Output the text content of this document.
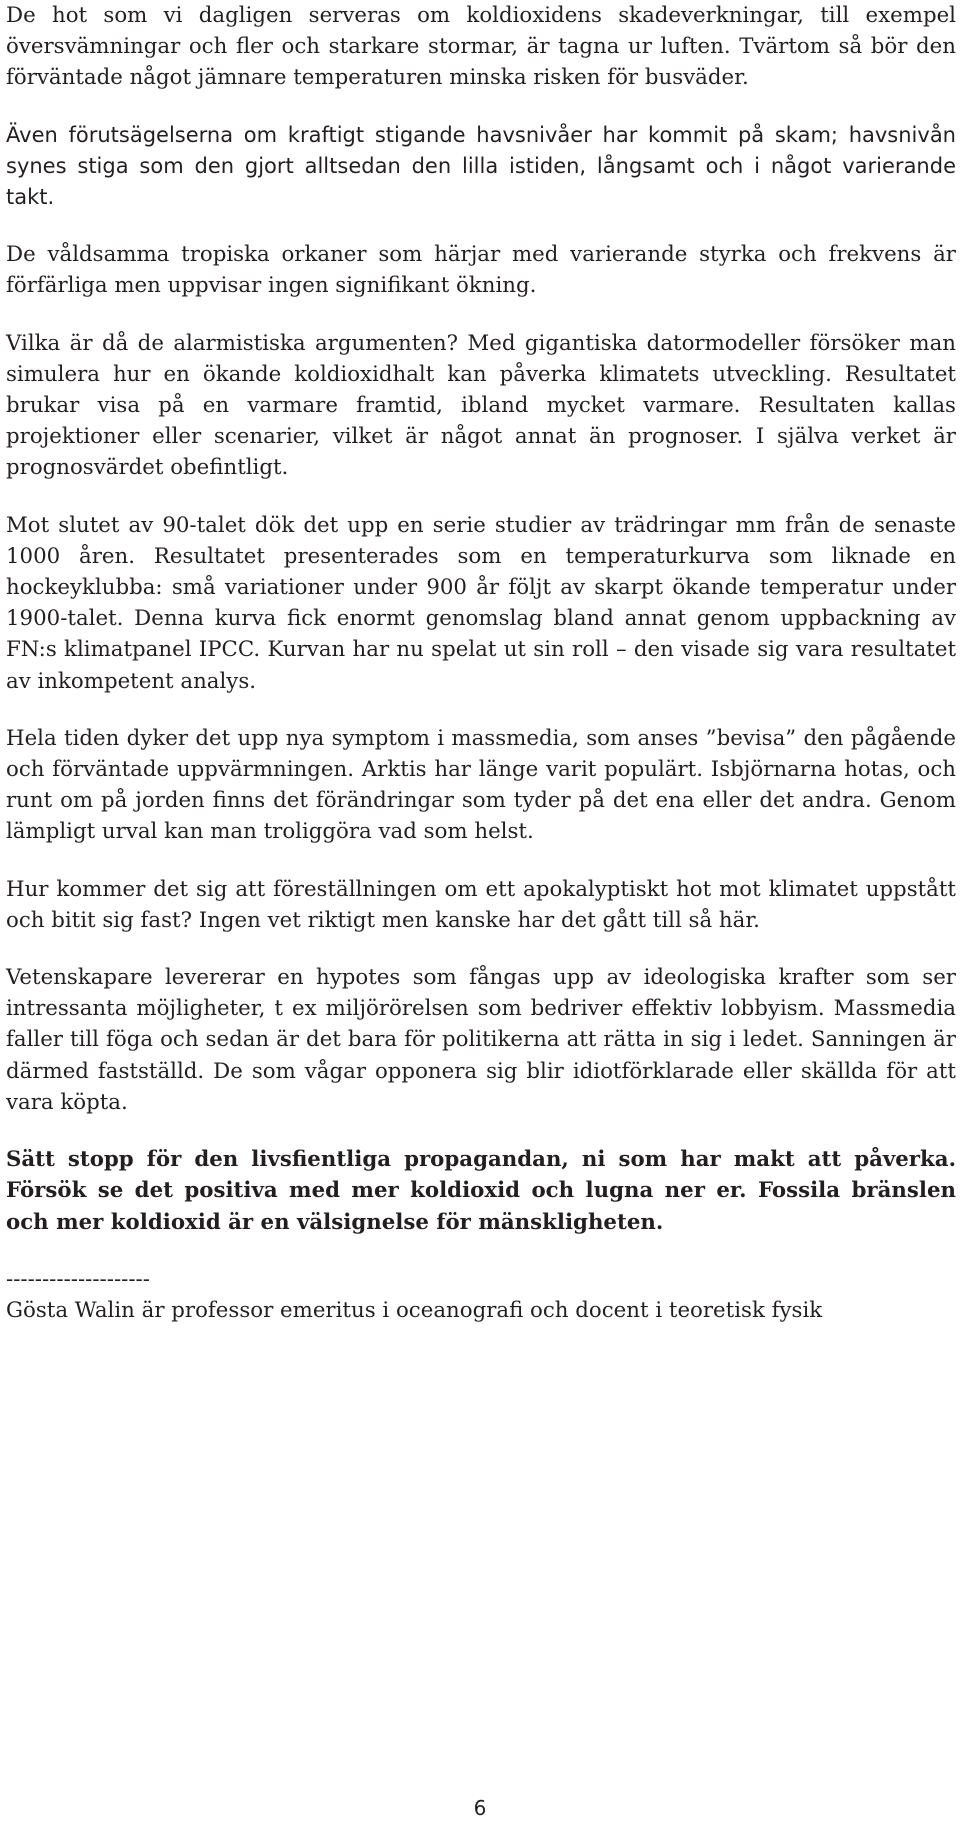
De hot som vi dagligen serveras om koldioxidens skadeverkningar, till exempel översvämningar och fler och starkare stormar, är tagna ur luften. Tvärtom så bör den förväntade något jämnare temperaturen minska risken för busväder.

Även förutsägelserna om kraftigt stigande havsnivåer har kommit på skam; havsnivån synes stiga som den gjort alltsedan den lilla istiden, långsamt och i något varierande takt.

De våldsamma tropiska orkaner som härjar med varierande styrka och frekvens är förfärliga men uppvisar ingen signifikant ökning.

Vilka är då de alarmistiska argumenten? Med gigantiska datormodeller försöker man simulera hur en ökande koldioxidhalt kan påverka klimatets utveckling. Resultatet brukar visa på en varmare framtid, ibland mycket varmare. Resultaten kallas projektioner eller scenarier, vilket är något annat än prognoser. I själva verket är prognosvärdet obefintligt.

Mot slutet av 90-talet dök det upp en serie studier av trädringar mm från de senaste 1000 åren. Resultatet presenterades som en temperaturkurva som liknade en hockeyklubba: små variationer under 900 år följt av skarpt ökande temperatur under 1900-talet. Denna kurva fick enormt genomslag bland annat genom uppbackning av FN:s klimatpanel IPCC. Kurvan har nu spelat ut sin roll – den visade sig vara resultatet av inkompetent analys.

Hela tiden dyker det upp nya symptom i massmedia, som anses ”bevisa” den pågående och förväntade uppvärmningen. Arktis har länge varit populärt. Isbjörnarna hotas, och runt om på jorden finns det förändringar som tyder på det ena eller det andra. Genom lämpligt urval kan man troliggöra vad som helst.

Hur kommer det sig att föreställningen om ett apokalyptiskt hot mot klimatet uppstått och bitit sig fast? Ingen vet riktigt men kanske har det gått till så här.

Vetenskapare levererar en hypotes som fångas upp av ideologiska krafter som ser intressanta möjligheter, t ex miljörörelsen som bedriver effektiv lobbyism. Massmedia faller till föga och sedan är det bara för politikerna att rätta in sig i ledet. Sanningen är därmed fastställd. De som vågar opponera sig blir idiotförklarade eller skällda för att vara köpta.

Sätt stopp för den livsfientliga propagandan, ni som har makt att påverka. Försök se det positiva med mer koldioxid och lugna ner er. Fossila bränslen och mer koldioxid är en välsignelse för mänskligheten.

--------------------

Gösta Walin är professor emeritus i oceanografi och docent i teoretisk fysik

6
